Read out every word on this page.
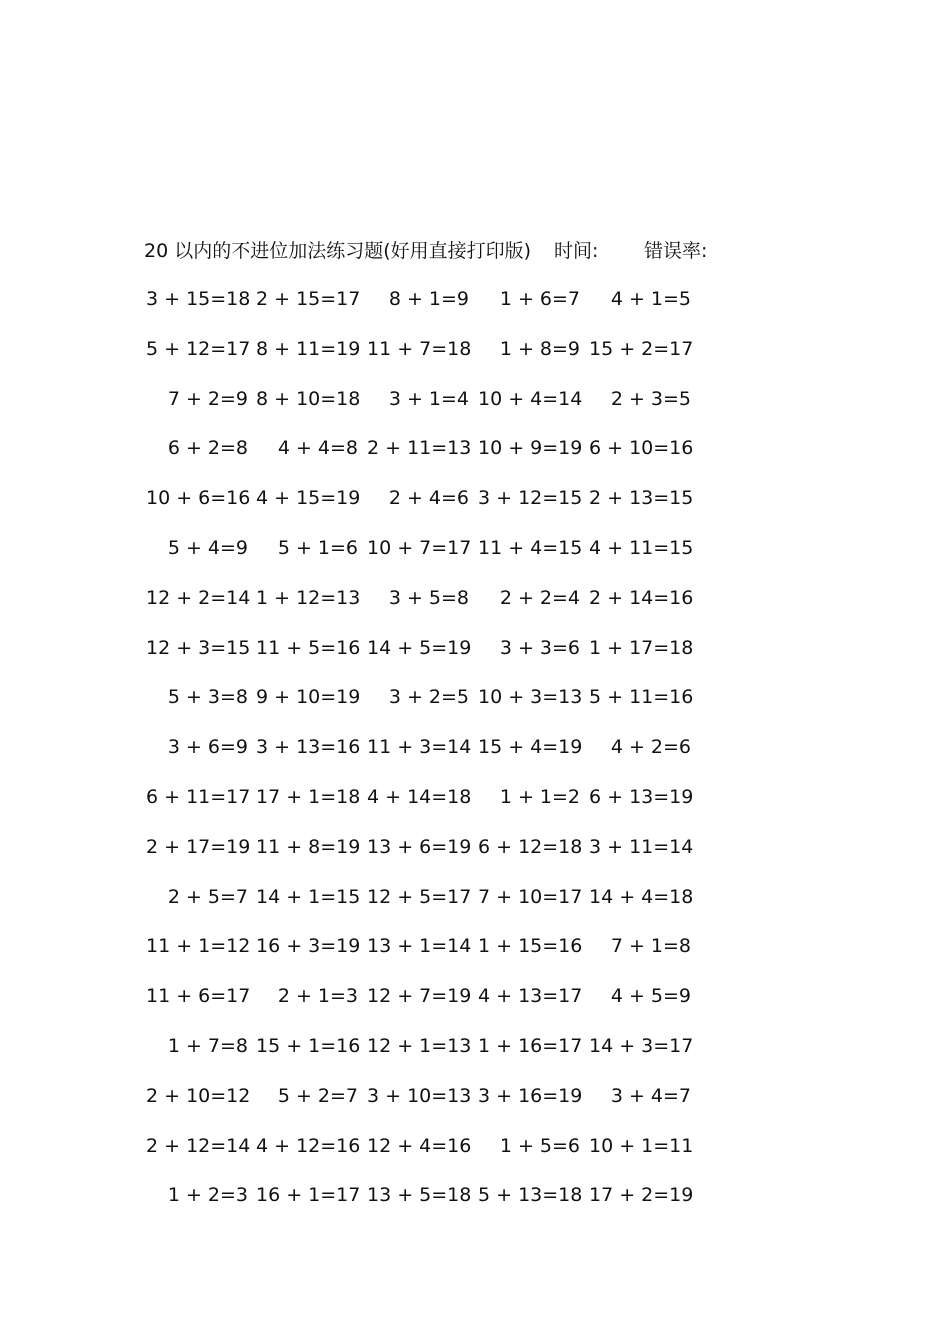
20 以内的不进位加法练习题(好用直接打印版) 时间: 错误率:
3 + 15=18 2 + 15=17	8 + 1=9	1 + 6=7	4 + 1=5
5 + 12=17 8 + 11=19 11 + 7=18	1 + 8=9 15 + 2=17
7 + 2=9 8 + 10=18	3 + 1=4 10 + 4=14	2 + 3=5
6 + 2=8	4 + 4=8 2 + 11=13 10 + 9=19 6 + 10=16
10 + 6=16 4 + 15=19	2 + 4=6 3 + 12=15 2 + 13=15
5 + 4=9	5 + 1=6 10 + 7=17 11 + 4=15 4 + 11=15
12 + 2=14 1 + 12=13	3 + 5=8	2 + 2=4 2 + 14=16
12 + 3=15 11 + 5=16 14 + 5=19	3 + 3=6 1 + 17=18
5 + 3=8 9 + 10=19	3 + 2=5 10 + 3=13 5 + 11=16
3 + 6=9 3 + 13=16 11 + 3=14 15 + 4=19	4 + 2=6
6 + 11=17 17 + 1=18 4 + 14=18	1 + 1=2 6 + 13=19
2 + 17=19 11 + 8=19 13 + 6=19 6 + 12=18 3 + 11=14
2 + 5=7 14 + 1=15 12 + 5=17 7 + 10=17 14 + 4=18
11 + 1=12 16 + 3=19 13 + 1=14 1 + 15=16	7 + 1=8
11 + 6=17	2 + 1=3 12 + 7=19 4 + 13=17	4 + 5=9
1 + 7=8 15 + 1=16 12 + 1=13 1 + 16=17 14 + 3=17
2 + 10=12	5 + 2=7 3 + 10=13 3 + 16=19	3 + 4=7
2 + 12=14 4 + 12=16 12 + 4=16	1 + 5=6 10 + 1=11
1 + 2=3 16 + 1=17 13 + 5=18 5 + 13=18 17 + 2=19
